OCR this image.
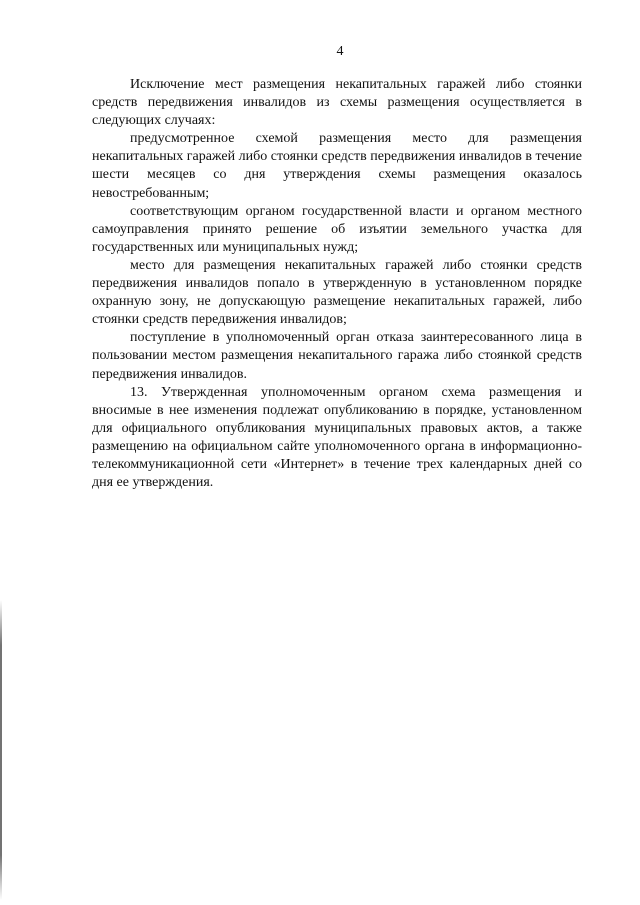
4

Исключение мест размещения некапитальных гаражей либо стоянки средств передвижения инвалидов из схемы размещения осуществляется в следующих случаях:

предусмотренное схемой размещения место для размещения некапитальных гаражей либо стоянки средств передвижения инвалидов в течение шести месяцев со дня утверждения схемы размещения оказалось невостребованным;

соответствующим органом государственной власти и органом местного самоуправления принято решение об изъятии земельного участка для государственных или муниципальных нужд;

место для размещения некапитальных гаражей либо стоянки средств передвижения инвалидов попало в утвержденную в установленном порядке охранную зону, не допускающую размещение некапитальных гаражей, либо стоянки средств передвижения инвалидов;

поступление в уполномоченный орган отказа заинтересованного лица в пользовании местом размещения некапитального гаража либо стоянкой средств передвижения инвалидов.

13. Утвержденная уполномоченным органом схема размещения и вносимые в нее изменения подлежат опубликованию в порядке, установленном для официального опубликования муниципальных правовых актов, а также размещению на официальном сайте уполномоченного органа в информационно-телекоммуникационной сети «Интернет» в течение трех календарных дней со дня ее утверждения.
